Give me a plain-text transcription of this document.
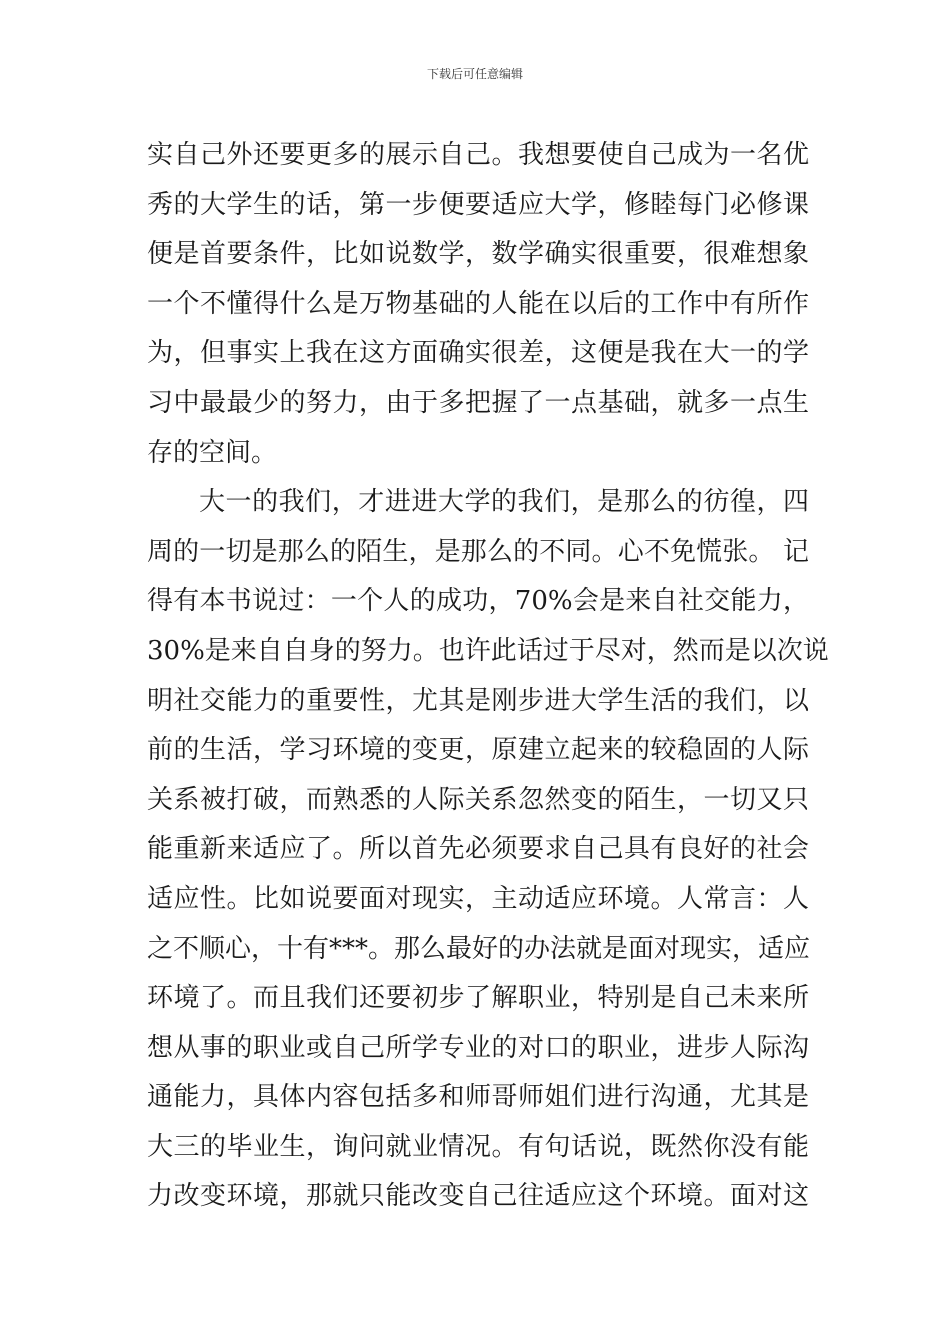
下载后可任意编辑
实自己外还要更多的展示自己。我想要使自己成为一名优
秀的大学生的话，第一步便要适应大学，修睦每门必修课
便是首要条件，比如说数学，数学确实很重要，很难想象
一个不懂得什么是万物基础的人能在以后的工作中有所作
为，但事实上我在这方面确实很差，这便是我在大一的学
习中最最少的努力，由于多把握了一点基础，就多一点生
存的空间。
大一的我们，才进进大学的我们，是那么的彷徨，四
周的一切是那么的陌生，是那么的不同。心不免慌张。 记
得有本书说过：一个人的成功，70%会是来自社交能力，
30%是来自自身的努力。也许此话过于尽对，然而是以次说
明社交能力的重要性，尤其是刚步进大学生活的我们，以
前的生活，学习环境的变更，原建立起来的较稳固的人际
关系被打破，而熟悉的人际关系忽然变的陌生，一切又只
能重新来适应了。所以首先必须要求自己具有良好的社会
适应性。比如说要面对现实，主动适应环境。人常言：人
之不顺心，十有***。那么最好的办法就是面对现实，适应
环境了。而且我们还要初步了解职业，特别是自己未来所
想从事的职业或自己所学专业的对口的职业，进步人际沟
通能力，具体内容包括多和师哥师姐们进行沟通，尤其是
大三的毕业生，询问就业情况。有句话说，既然你没有能
力改变环境，那就只能改变自己往适应这个环境。面对这
